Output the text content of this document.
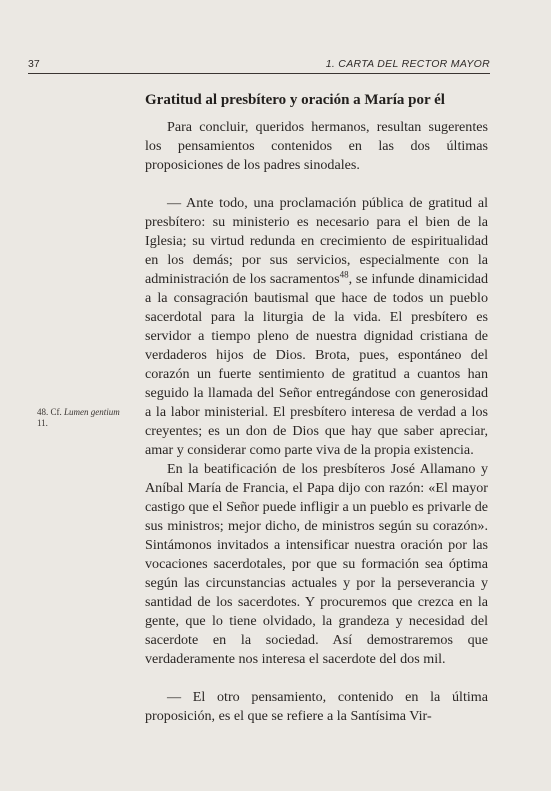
37	1. CARTA DEL RECTOR MAYOR
Gratitud al presbítero y oración a María por él
48. Cf. Lumen gentium
11.

Para concluir, queridos hermanos, resultan sugerentes los pensamientos contenidos en las dos últimas proposiciones de los padres sinodales.

— Ante todo, una proclamación pública de gratitud al presbítero: su ministerio es necesario para el bien de la Iglesia; su virtud redunda en crecimiento de espiritualidad en los demás; por sus servicios, especialmente con la administración de los sacramentos$^{48}$, se infunde dinamicidad a la consagración bautismal que hace de todos un pueblo sacerdotal para la liturgia de la vida. El presbítero es servidor a tiempo pleno de nuestra dignidad cristiana de verdaderos hijos de Dios. Brota, pues, espontáneo del corazón un fuerte sentimiento de gratitud a cuantos han seguido la llamada del Señor entregándose con generosidad a la labor ministerial. El presbítero interesa de verdad a los creyentes; es un don de Dios que hay que saber apreciar, amar y considerar como parte viva de la propia existencia.

En la beatificación de los presbíteros José Allamano y Aníbal María de Francia, el Papa dijo con razón: «El mayor castigo que el Señor puede infligir a un pueblo es privarle de sus ministros; mejor dicho, de ministros según su corazón». Sintámonos invitados a intensificar nuestra oración por las vocaciones sacerdotales, por que su formación sea óptima según las circunstancias actuales y por la perseverancia y santidad de los sacerdotes. Y procuremos que crezca en la gente, que lo tiene olvidado, la grandeza y necesidad del sacerdote en la sociedad. Así demostraremos que verdaderamente nos interesa el sacerdote del dos mil.

— El otro pensamiento, contenido en la última proposición, es el que se refiere a la Santísima Vir-
